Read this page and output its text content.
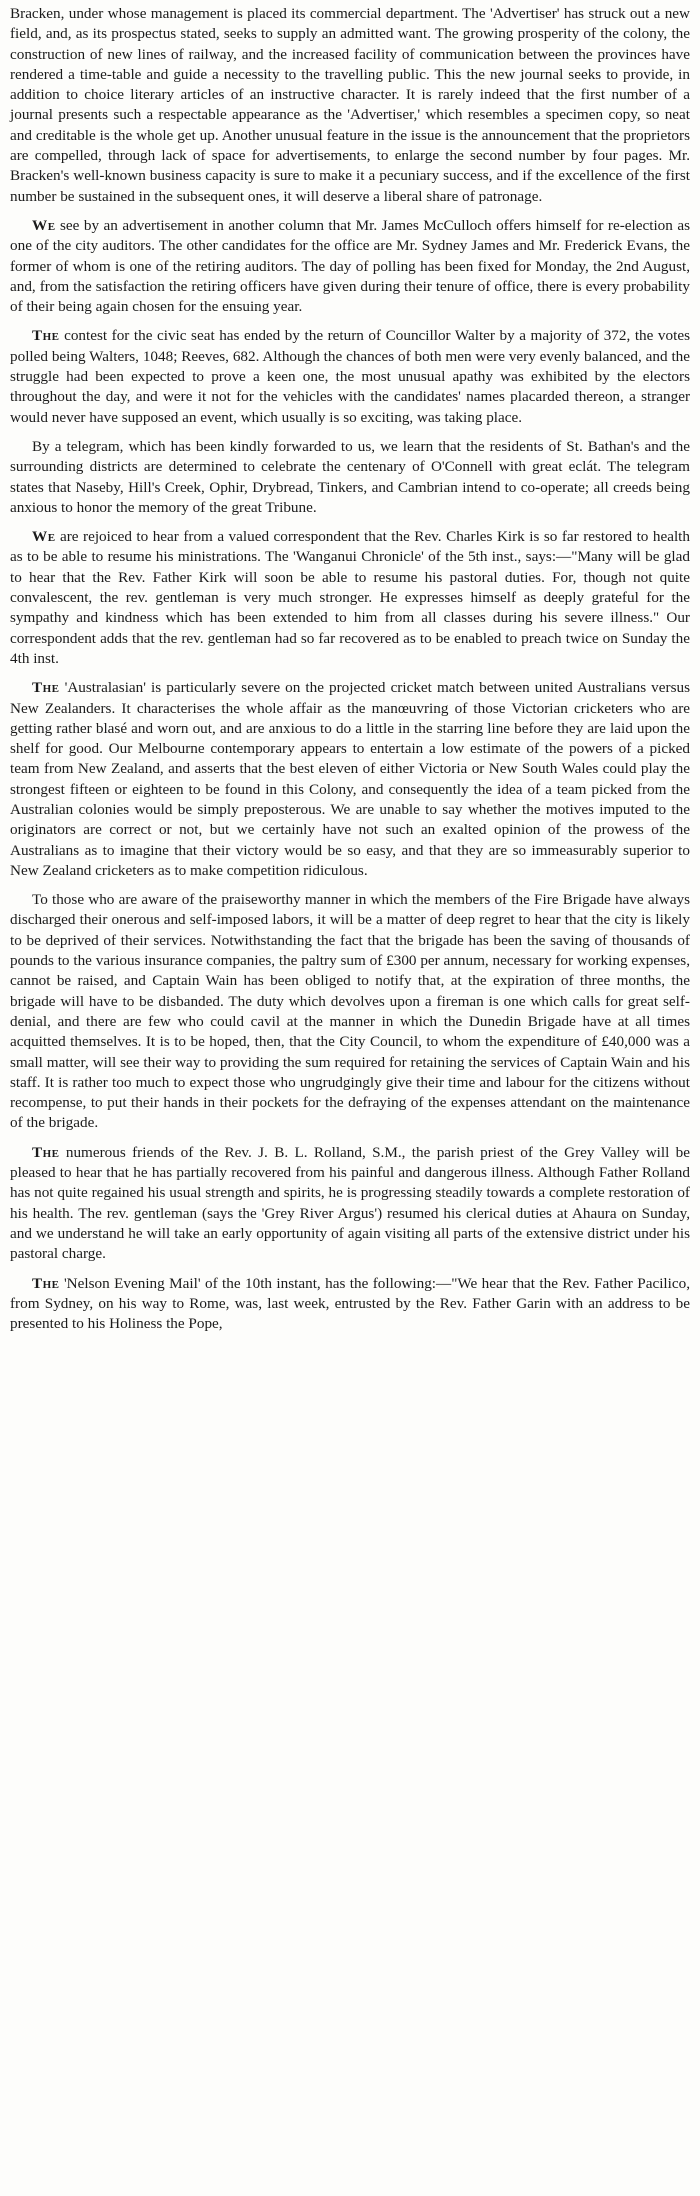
Bracken, under whose management is placed its commercial department. The 'Advertiser' has struck out a new field, and, as its prospectus stated, seeks to supply an admitted want. The growing prosperity of the colony, the construction of new lines of railway, and the increased facility of communication between the provinces have rendered a time-table and guide a necessity to the travelling public. This the new journal seeks to provide, in addition to choice literary articles of an instructive character. It is rarely indeed that the first number of a journal presents such a respectable appearance as the 'Advertiser,' which resembles a specimen copy, so neat and creditable is the whole get up. Another unusual feature in the issue is the announcement that the proprietors are compelled, through lack of space for advertisements, to enlarge the second number by four pages. Mr. Bracken's well-known business capacity is sure to make it a pecuniary success, and if the excellence of the first number be sustained in the subsequent ones, it will deserve a liberal share of patronage.

We see by an advertisement in another column that Mr. James McCulloch offers himself for re-election as one of the city auditors. The other candidates for the office are Mr. Sydney James and Mr. Frederick Evans, the former of whom is one of the retiring auditors. The day of polling has been fixed for Monday, the 2nd August, and, from the satisfaction the retiring officers have given during their tenure of office, there is every probability of their being again chosen for the ensuing year.

The contest for the civic seat has ended by the return of Councillor Walter by a majority of 372, the votes polled being Walters, 1048; Reeves, 682. Although the chances of both men were very evenly balanced, and the struggle had been expected to prove a keen one, the most unusual apathy was exhibited by the electors throughout the day, and were it not for the vehicles with the candidates' names placarded thereon, a stranger would never have supposed an event, which usually is so exciting, was taking place.

By a telegram, which has been kindly forwarded to us, we learn that the residents of St. Bathan's and the surrounding districts are determined to celebrate the centenary of O'Connell with great eclát. The telegram states that Naseby, Hill's Creek, Ophir, Drybread, Tinkers, and Cambrian intend to co-operate; all creeds being anxious to honor the memory of the great Tribune.

We are rejoiced to hear from a valued correspondent that the Rev. Charles Kirk is so far restored to health as to be able to resume his ministrations. The 'Wanganui Chronicle' of the 5th inst., says:—"Many will be glad to hear that the Rev. Father Kirk will soon be able to resume his pastoral duties. For, though not quite convalescent, the rev. gentleman is very much stronger. He expresses himself as deeply grateful for the sympathy and kindness which has been extended to him from all classes during his severe illness." Our correspondent adds that the rev. gentleman had so far recovered as to be enabled to preach twice on Sunday the 4th inst.

The 'Australasian' is particularly severe on the projected cricket match between united Australians versus New Zealanders. It characterises the whole affair as the manœuvring of those Victorian cricketers who are getting rather blasé and worn out, and are anxious to do a little in the starring line before they are laid upon the shelf for good. Our Melbourne contemporary appears to entertain a low estimate of the powers of a picked team from New Zealand, and asserts that the best eleven of either Victoria or New South Wales could play the strongest fifteen or eighteen to be found in this Colony, and consequently the idea of a team picked from the Australian colonies would be simply preposterous. We are unable to say whether the motives imputed to the originators are correct or not, but we certainly have not such an exalted opinion of the prowess of the Australians as to imagine that their victory would be so easy, and that they are so immeasurably superior to New Zealand cricketers as to make competition ridiculous.

To those who are aware of the praiseworthy manner in which the members of the Fire Brigade have always discharged their onerous and self-imposed labors, it will be a matter of deep regret to hear that the city is likely to be deprived of their services. Notwithstanding the fact that the brigade has been the saving of thousands of pounds to the various insurance companies, the paltry sum of £300 per annum, necessary for working expenses, cannot be raised, and Captain Wain has been obliged to notify that, at the expiration of three months, the brigade will have to be disbanded. The duty which devolves upon a fireman is one which calls for great self-denial, and there are few who could cavil at the manner in which the Dunedin Brigade have at all times acquitted themselves. It is to be hoped, then, that the City Council, to whom the expenditure of £40,000 was a small matter, will see their way to providing the sum required for retaining the services of Captain Wain and his staff. It is rather too much to expect those who ungrudgingly give their time and labour for the citizens without recompense, to put their hands in their pockets for the defraying of the expenses attendant on the maintenance of the brigade.

The numerous friends of the Rev. J. B. L. Rolland, S.M., the parish priest of the Grey Valley will be pleased to hear that he has partially recovered from his painful and dangerous illness. Although Father Rolland has not quite regained his usual strength and spirits, he is progressing steadily towards a complete restoration of his health. The rev. gentleman (says the 'Grey River Argus') resumed his clerical duties at Ahaura on Sunday, and we understand he will take an early opportunity of again visiting all parts of the extensive district under his pastoral charge.

The 'Nelson Evening Mail' of the 10th instant, has the following:—"We hear that the Rev. Father Pacilico, from Sydney, on his way to Rome, was, last week, entrusted by the Rev. Father Garin with an address to be presented to his Holiness the Pope,
